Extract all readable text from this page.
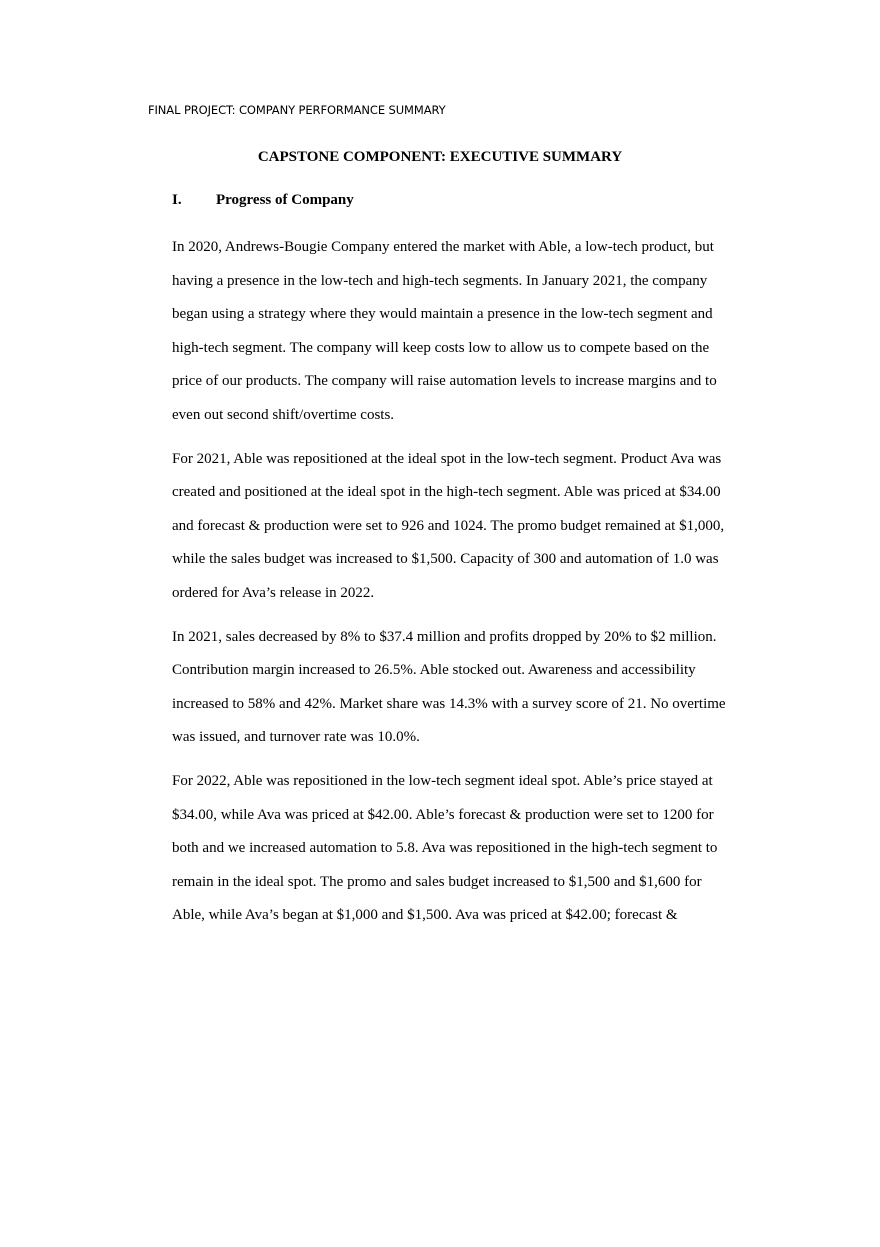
FINAL PROJECT: COMPANY PERFORMANCE SUMMARY
CAPSTONE COMPONENT: EXECUTIVE SUMMARY
I. Progress of Company
In 2020, Andrews-Bougie Company entered the market with Able, a low-tech product, but
having a presence in the low-tech and high-tech segments. In January 2021, the company
began using a strategy where they would maintain a presence in the low-tech segment and
high-tech segment. The company will keep costs low to allow us to compete based on the
price of our products. The company will raise automation levels to increase margins and to
even out second shift/overtime costs.
For 2021, Able was repositioned at the ideal spot in the low-tech segment. Product Ava was
created and positioned at the ideal spot in the high-tech segment. Able was priced at $34.00
and forecast & production were set to 926 and 1024. The promo budget remained at $1,000,
while the sales budget was increased to $1,500. Capacity of 300 and automation of 1.0 was
ordered for Ava’s release in 2022.
In 2021, sales decreased by 8% to $37.4 million and profits dropped by 20% to $2 million.
Contribution margin increased to 26.5%. Able stocked out. Awareness and accessibility
increased to 58% and 42%. Market share was 14.3% with a survey score of 21. No overtime
was issued, and turnover rate was 10.0%.
For 2022, Able was repositioned in the low-tech segment ideal spot. Able’s price stayed at
$34.00, while Ava was priced at $42.00. Able’s forecast & production were set to 1200 for
both and we increased automation to 5.8. Ava was repositioned in the high-tech segment to
remain in the ideal spot. The promo and sales budget increased to $1,500 and $1,600 for
Able, while Ava’s began at $1,000 and $1,500. Ava was priced at $42.00; forecast &
